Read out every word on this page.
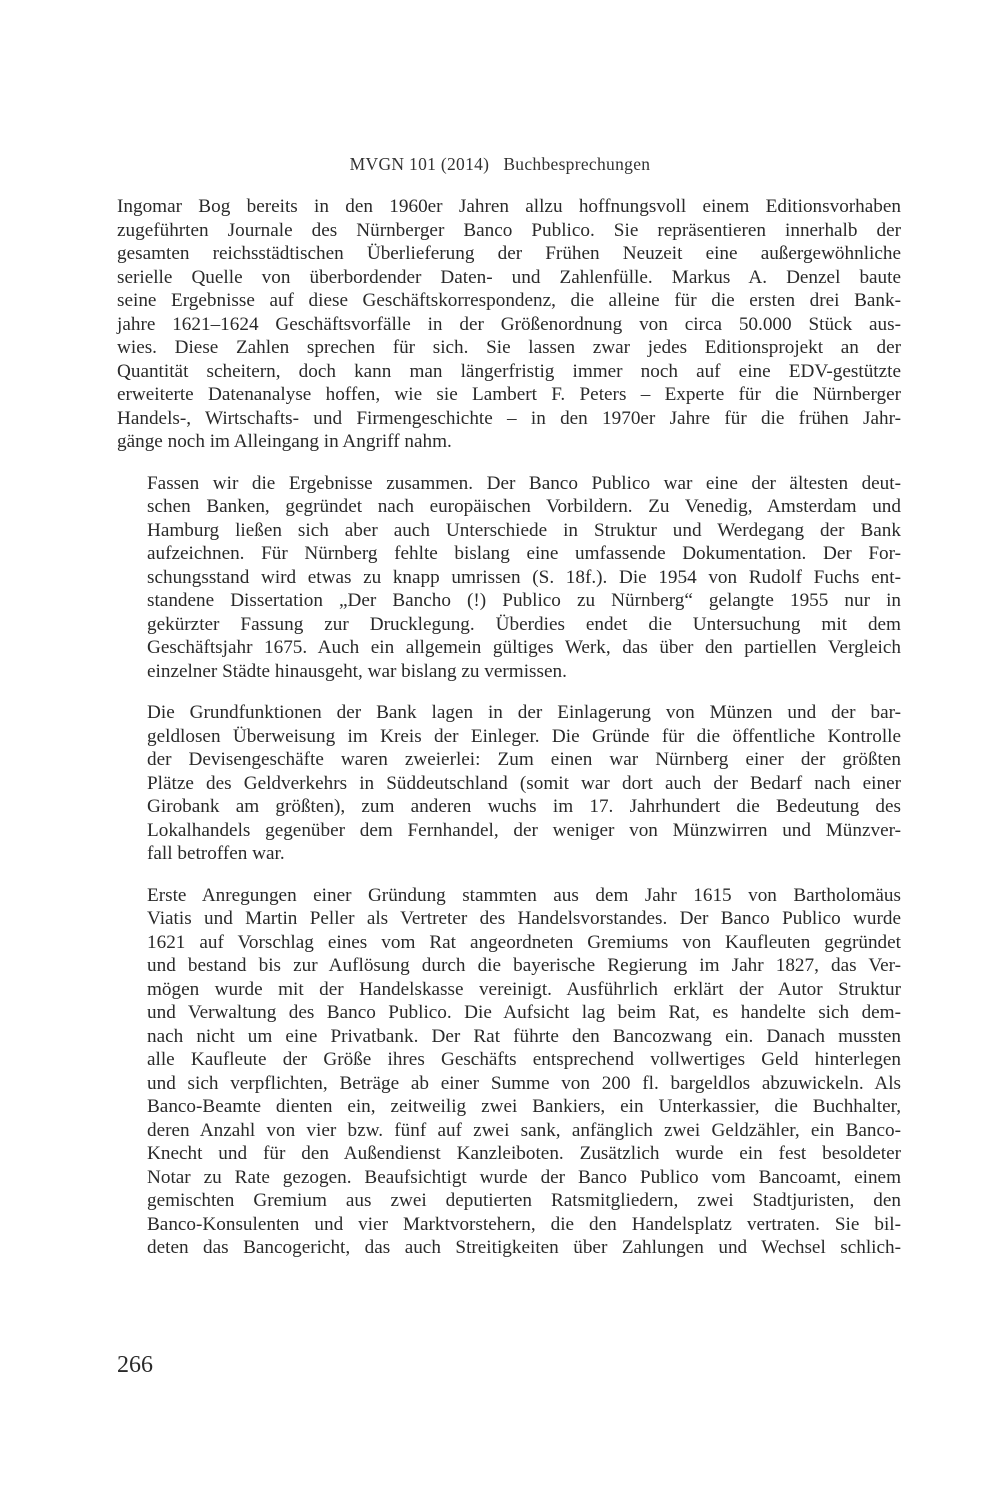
MVGN 101 (2014) Buchbesprechungen

Ingomar Bog bereits in den 1960er Jahren allzu hoffnungsvoll einem Editionsvorhaben
zugeführten Journale des Nürnberger Banco Publico. Sie repräsentieren innerhalb der
gesamten reichsstädtischen Überlieferung der Frühen Neuzeit eine außergewöhnliche
serielle Quelle von überbordender Daten- und Zahlenfülle. Markus A. Denzel baute
seine Ergebnisse auf diese Geschäftskorrespondenz, die alleine für die ersten drei Bank-
jahre 1621–1624 Geschäftsvorfälle in der Größenordnung von circa 50.000 Stück aus-
wies. Diese Zahlen sprechen für sich. Sie lassen zwar jedes Editionsprojekt an der
Quantität scheitern, doch kann man längerfristig immer noch auf eine EDV-gestützte
erweiterte Datenanalyse hoffen, wie sie Lambert F. Peters – Experte für die Nürnberger
Handels-, Wirtschafts- und Firmengeschichte – in den 1970er Jahre für die frühen Jahr-
gänge noch im Alleingang in Angriff nahm.

Fassen wir die Ergebnisse zusammen. Der Banco Publico war eine der ältesten deut-
schen Banken, gegründet nach europäischen Vorbildern. Zu Venedig, Amsterdam und
Hamburg ließen sich aber auch Unterschiede in Struktur und Werdegang der Bank
aufzeichnen. Für Nürnberg fehlte bislang eine umfassende Dokumentation. Der For-
schungsstand wird etwas zu knapp umrissen (S. 18f.). Die 1954 von Rudolf Fuchs ent-
standene Dissertation „Der Bancho (!) Publico zu Nürnberg“ gelangte 1955 nur in
gekürzter Fassung zur Drucklegung. Überdies endet die Untersuchung mit dem
Geschäftsjahr 1675. Auch ein allgemein gültiges Werk, das über den partiellen Vergleich
einzelner Städte hinausgeht, war bislang zu vermissen.

Die Grundfunktionen der Bank lagen in der Einlagerung von Münzen und der bar-
geldlosen Überweisung im Kreis der Einleger. Die Gründe für die öffentliche Kontrolle
der Devisengeschäfte waren zweierlei: Zum einen war Nürnberg einer der größten
Plätze des Geldverkehrs in Süddeutschland (somit war dort auch der Bedarf nach einer
Girobank am größten), zum anderen wuchs im 17. Jahrhundert die Bedeutung des
Lokalhandels gegenüber dem Fernhandel, der weniger von Münzwirren und Münzver-
fall betroffen war.

Erste Anregungen einer Gründung stammten aus dem Jahr 1615 von Bartholomäus
Viatis und Martin Peller als Vertreter des Handelsvorstandes. Der Banco Publico wurde
1621 auf Vorschlag eines vom Rat angeordneten Gremiums von Kaufleuten gegründet
und bestand bis zur Auflösung durch die bayerische Regierung im Jahr 1827, das Ver-
mögen wurde mit der Handelskasse vereinigt. Ausführlich erklärt der Autor Struktur
und Verwaltung des Banco Publico. Die Aufsicht lag beim Rat, es handelte sich dem-
nach nicht um eine Privatbank. Der Rat führte den Bancozwang ein. Danach mussten
alle Kaufleute der Größe ihres Geschäfts entsprechend vollwertiges Geld hinterlegen
und sich verpflichten, Beträge ab einer Summe von 200 fl. bargeldlos abzuwickeln. Als
Banco-Beamte dienten ein, zeitweilig zwei Bankiers, ein Unterkassier, die Buchhalter,
deren Anzahl von vier bzw. fünf auf zwei sank, anfänglich zwei Geldzähler, ein Banco-
Knecht und für den Außendienst Kanzleiboten. Zusätzlich wurde ein fest besoldeter
Notar zu Rate gezogen. Beaufsichtigt wurde der Banco Publico vom Bancoamt, einem
gemischten Gremium aus zwei deputierten Ratsmitgliedern, zwei Stadtjuristen, den
Banco-Konsulenten und vier Marktvorstehern, die den Handelsplatz vertraten. Sie bil-
deten das Bancogericht, das auch Streitigkeiten über Zahlungen und Wechsel schlich-

266
